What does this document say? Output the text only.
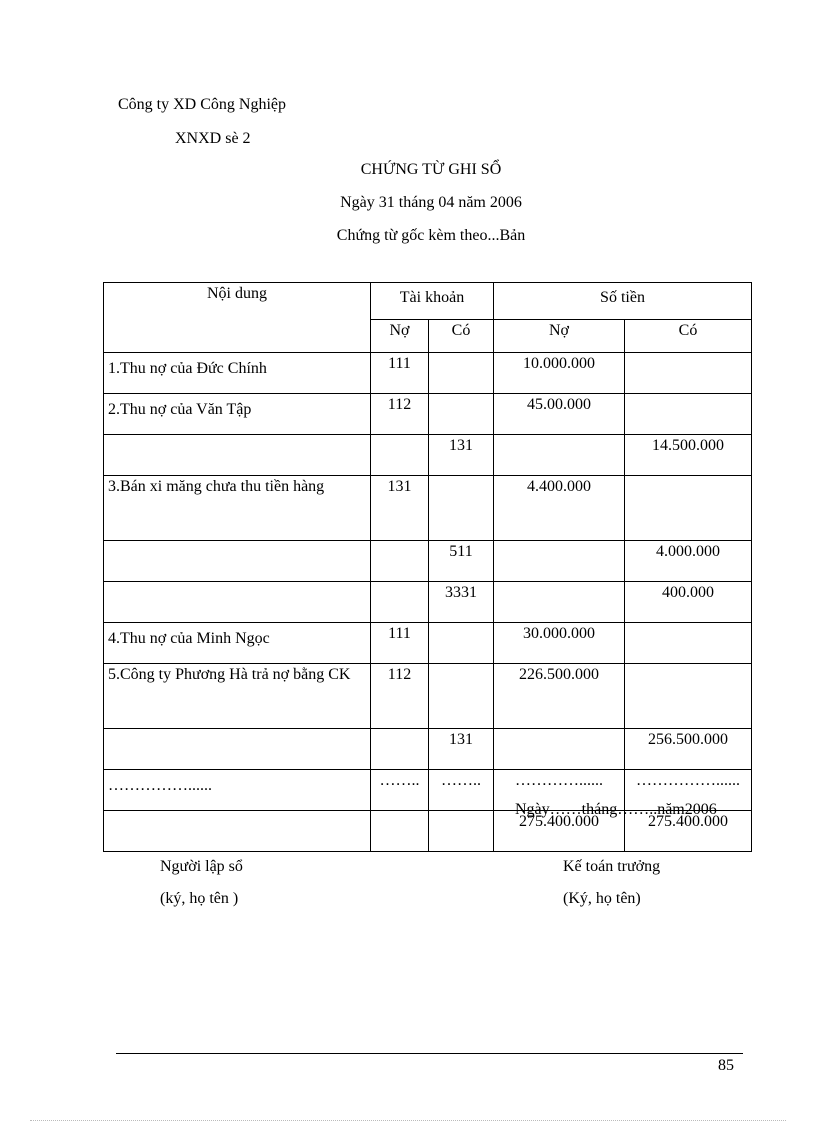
Công ty XD Công Nghiệp
XNXD sè 2
CHỨNG TỪ GHI SỔ
Ngày 31 tháng 04 năm 2006
Chứng từ gốc kèm theo...Bản
Nội dung	Tài khoản		Số tiền	
	Nợ	Có	Nợ	Có
1.Thu nợ của Đức Chính	111		10.000.000	
2.Thu nợ của Văn Tập	112		45.00.000	
		131		14.500.000
3.Bán xi măng chưa thu tiền hàng	131		4.400.000	
		511		4.000.000
		3331		400.000
4.Thu nợ của Minh Ngọc	111		30.000.000	
5.Công ty Phương Hà trả nợ bằng CK	112		226.500.000	
		131		256.500.000
……………......	……..	……..	…………......	……………......
			275.400.000	275.400.000
Ngày……tháng……..năm2006
Người lập sổ
(ký, họ tên )
Kế toán trưởng
(Ký, họ tên)
85
